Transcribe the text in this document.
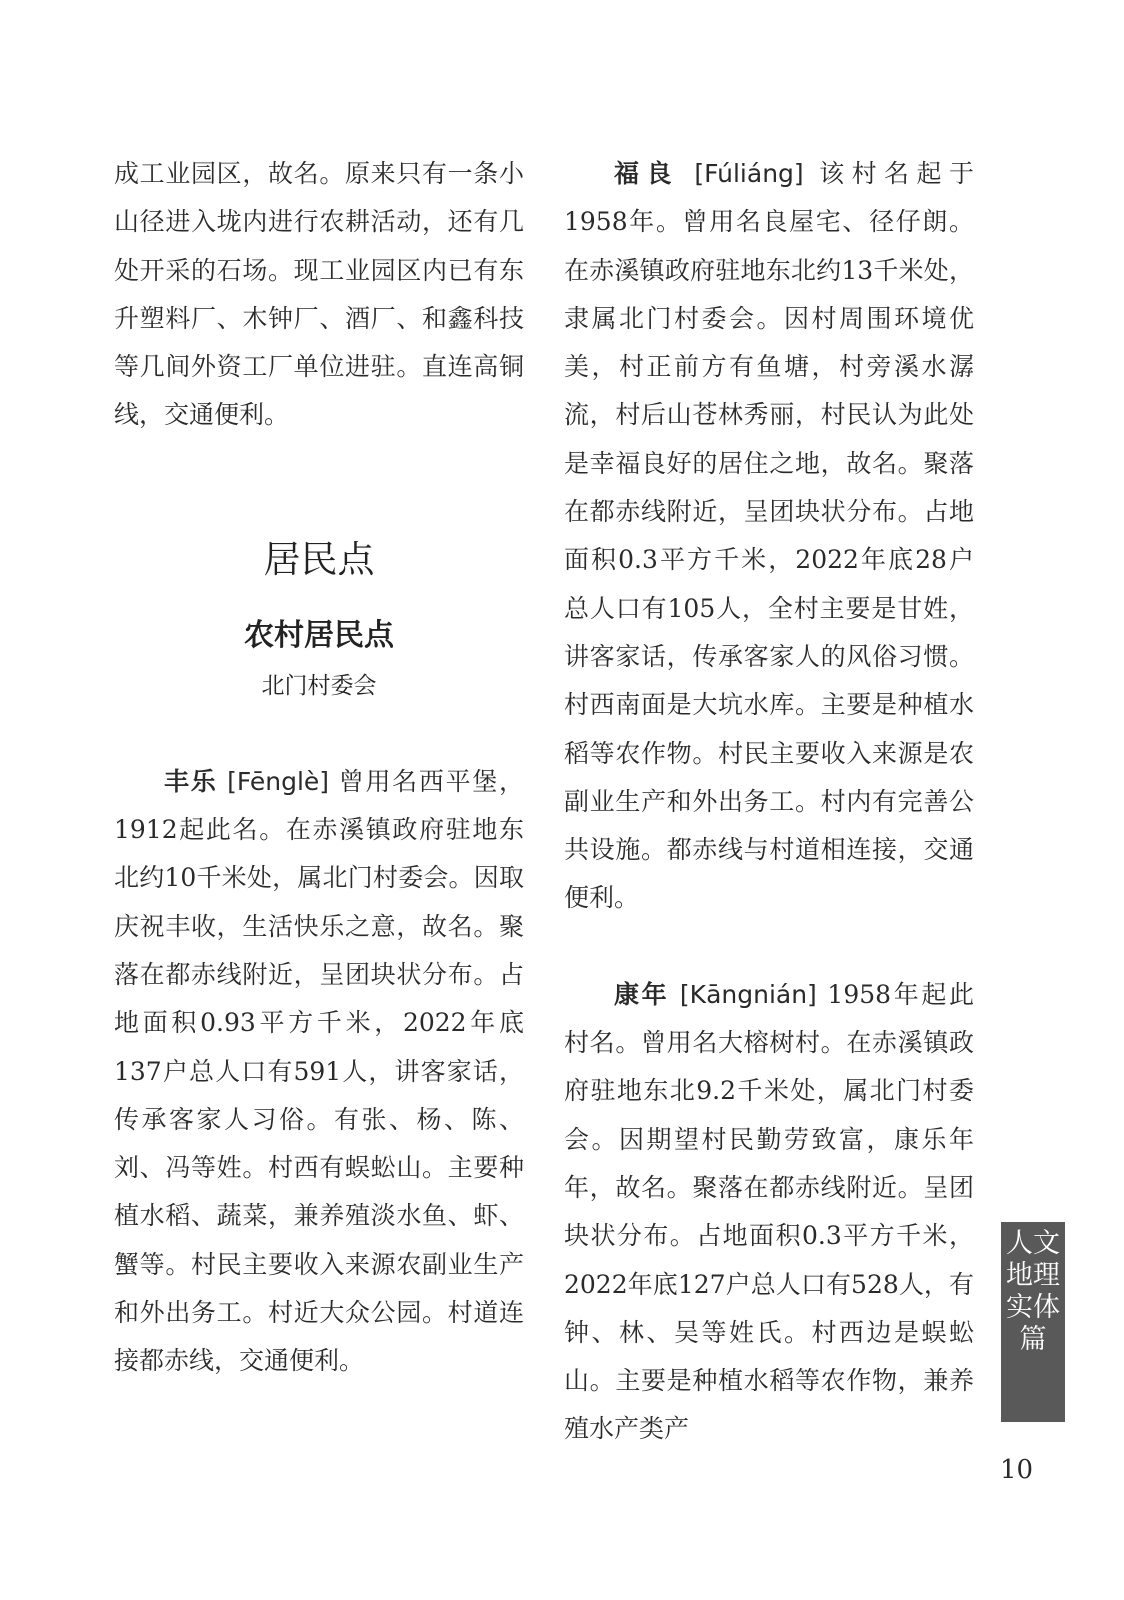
成工业园区，故名。原来只有一条小山径进入垅内进行农耕活动，还有几处开采的石场。现工业园区内已有东升塑料厂、木钟厂、酒厂、和鑫科技等几间外资工厂单位进驻。直连高铜线，交通便利。

居民点
农村居民点
北门村委会

丰乐 [Fēnglè] 曾用名西平堡，1912起此名。在赤溪镇政府驻地东北约10千米处，属北门村委会。因取庆祝丰收，生活快乐之意，故名。聚落在都赤线附近，呈团块状分布。占地面积0.93平方千米，2022年底137户总人口有591人，讲客家话，传承客家人习俗。有张、杨、陈、刘、冯等姓。村西有蜈蚣山。主要种植水稻、蔬菜，兼养殖淡水鱼、虾、蟹等。村民主要收入来源农副业生产和外出务工。村近大众公园。村道连接都赤线，交通便利。

福良 [Fúliáng] 该村名起于1958年。曾用名良屋宅、径仔朗。在赤溪镇政府驻地东北约13千米处，隶属北门村委会。因村周围环境优美，村正前方有鱼塘，村旁溪水潺流，村后山苍林秀丽，村民认为此处是幸福良好的居住之地，故名。聚落在都赤线附近，呈团块状分布。占地面积0.3平方千米，2022年底28户总人口有105人，全村主要是甘姓，讲客家话，传承客家人的风俗习惯。村西南面是大坑水库。主要是种植水稻等农作物。村民主要收入来源是农副业生产和外出务工。村内有完善公共设施。都赤线与村道相连接，交通便利。

康年 [Kāngnián] 1958年起此村名。曾用名大榕树村。在赤溪镇政府驻地东北9.2千米处，属北门村委会。因期望村民勤劳致富，康乐年年，故名。聚落在都赤线附近。呈团块状分布。占地面积0.3平方千米，2022年底127户总人口有528人，有钟、林、吴等姓氏。村西边是蜈蚣山。主要是种植水稻等农作物，兼养殖水产类产

人文地理实体篇
10
